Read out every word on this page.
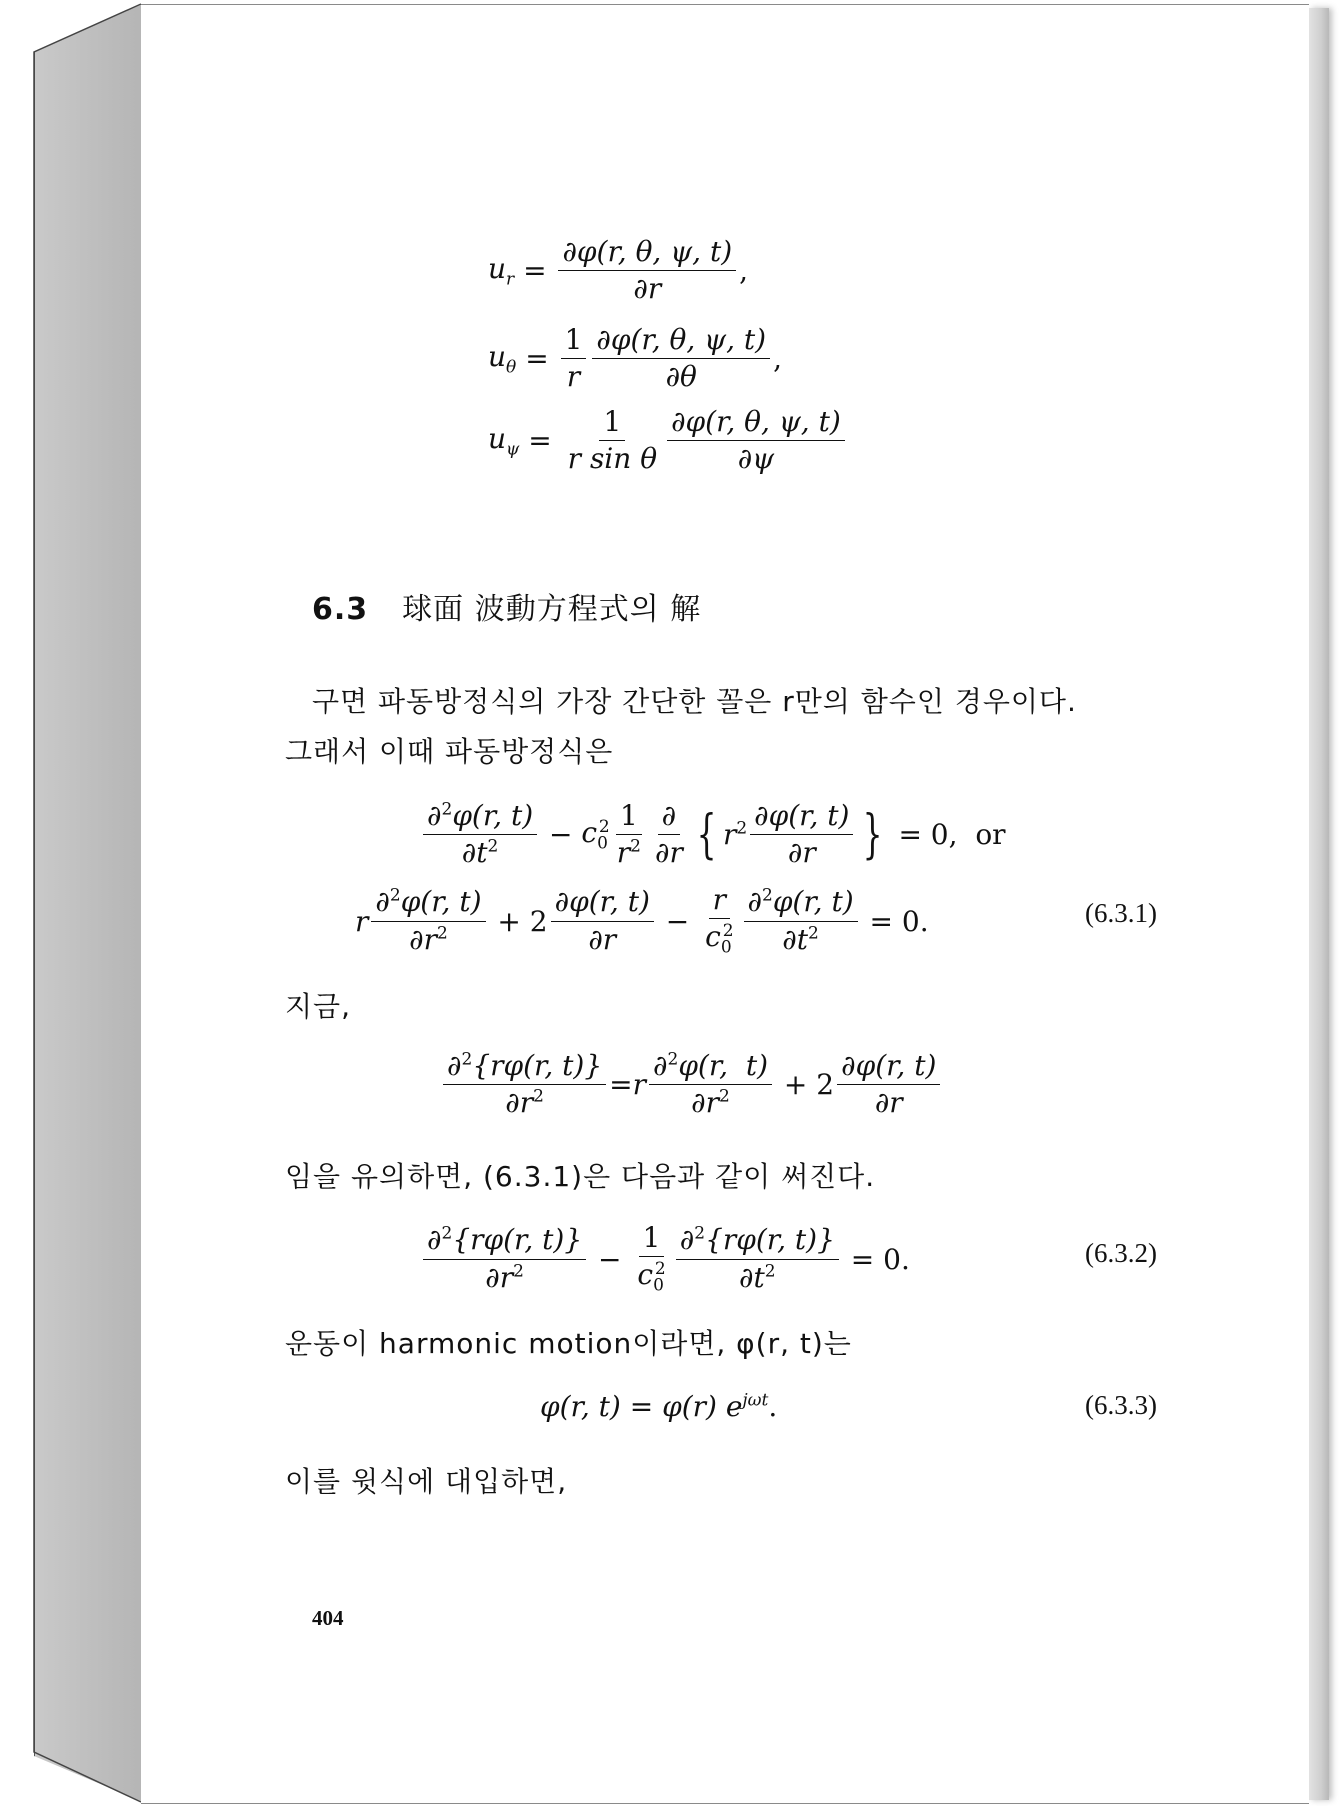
$u_r = \frac{\partial\varphi(r, \theta, \psi, t)}{\partial r}$ ,
$u_\theta = \frac{1}{r} \frac{\partial\varphi(r, \theta, \psi, t)}{\partial\theta}$ ,
$u_\psi = \frac{1}{\text{r sin θ}} \frac{\partial\varphi(r, \theta, \psi, t)}{\partial\psi}$
6.3 球面 波動方程式의 解
구면 파동방정식의 가장 간단한 꼴은 r만의 함수인 경우이다.
그래서 이때 파동방정식은
$\frac{\partial^2\varphi(r, t)}{\partial t^2} - c_0^2 \frac{1}{r^2} \frac{\partial}{\partial r}$ { $r^2 \frac{\partial\varphi(r, t)}{\partial r}$ } = 0, or
r $\frac{\partial^2\varphi(r, t)}{\partial r^2} + 2 \frac{\partial\varphi(r, t)}{\partial r} - \frac{r}{c_0^2} \frac{\partial^2\varphi(r, t)}{\partial t^2} = 0$.	(6.3.1)
지금,
$\frac{\partial^2\{r\varphi(r, t)\}}{\partial r^2} = r \frac{\partial^2\varphi(r, t)}{\partial r^2} + 2 \frac{\partial\varphi(r, t)}{\partial r}$
임을 유의하면, (6.3.1)은 다음과 같이 써진다.
$\frac{\partial^2\{r\varphi(r, t)\}}{\partial r^2} - \frac{1}{c_0^2} \frac{\partial^2\{r\varphi(r, t)\}}{\partial t^2} = 0$.	(6.3.2)
운동이 harmonic motion이라면, φ(r, t)는
φ(r, t) = φ(r) $e^{j\omega t}$.	(6.3.3)
이를 윗식에 대입하면,
404
